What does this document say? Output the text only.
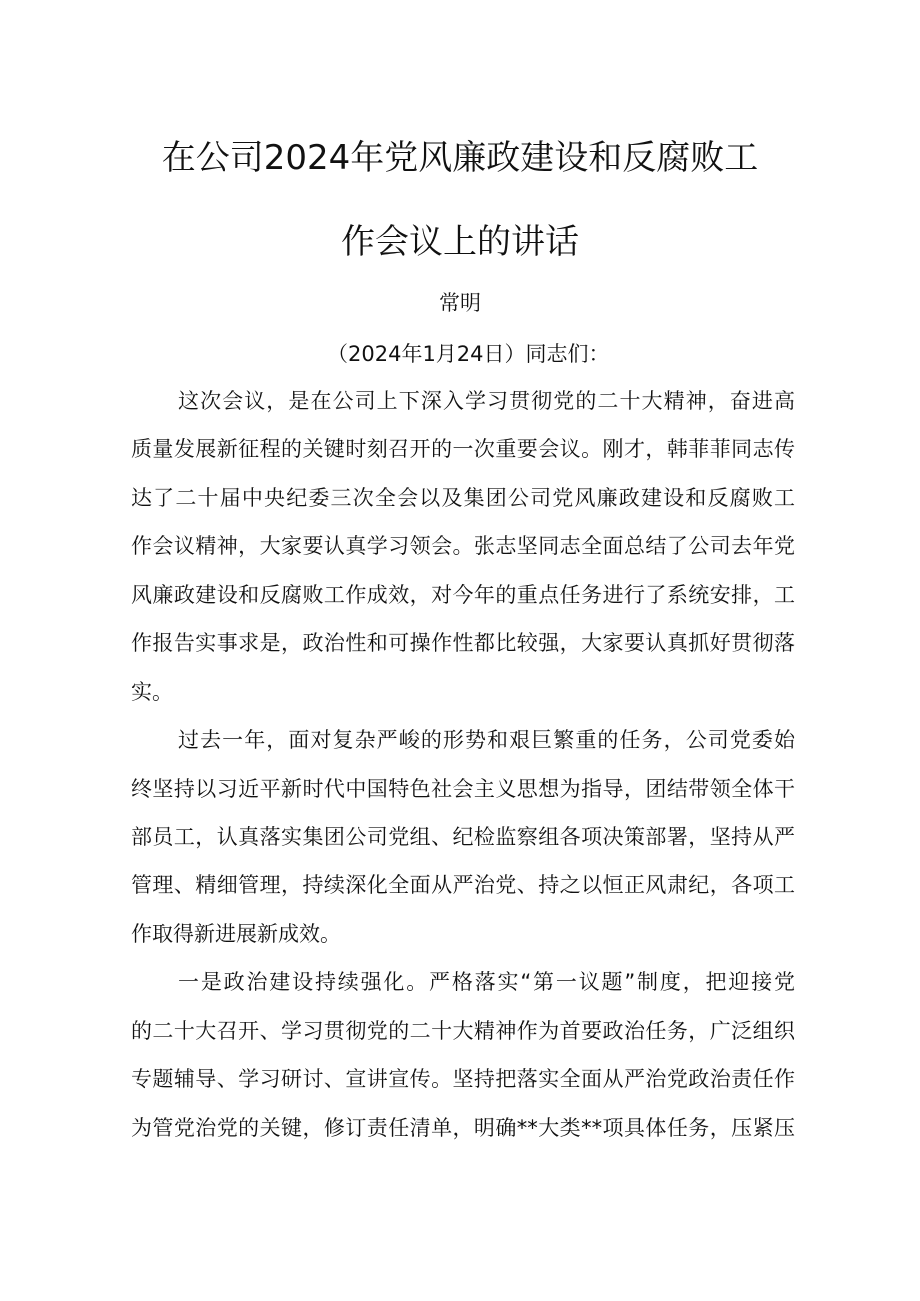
在公司2024年党风廉政建设和反腐败工
作会议上的讲话
常明
（2024年1月24日）同志们：
这次会议，是在公司上下深入学习贯彻党的二十大精神，奋进高
质量发展新征程的关键时刻召开的一次重要会议。刚才，韩菲菲同志传
达了二十届中央纪委三次全会以及集团公司党风廉政建设和反腐败工
作会议精神，大家要认真学习领会。张志坚同志全面总结了公司去年党
风廉政建设和反腐败工作成效，对今年的重点任务进行了系统安排，工
作报告实事求是，政治性和可操作性都比较强，大家要认真抓好贯彻落
实。
过去一年，面对复杂严峻的形势和艰巨繁重的任务，公司党委始
终坚持以习近平新时代中国特色社会主义思想为指导，团结带领全体干
部员工，认真落实集团公司党组、纪检监察组各项决策部署，坚持从严
管理、精细管理，持续深化全面从严治党、持之以恒正风肃纪，各项工
作取得新进展新成效。
一是政治建设持续强化。严格落实“第一议题”制度，把迎接党
的二十大召开、学习贯彻党的二十大精神作为首要政治任务，广泛组织
专题辅导、学习研讨、宣讲宣传。坚持把落实全面从严治党政治责任作
为管党治党的关键，修订责任清单，明确**大类**项具体任务，压紧压
